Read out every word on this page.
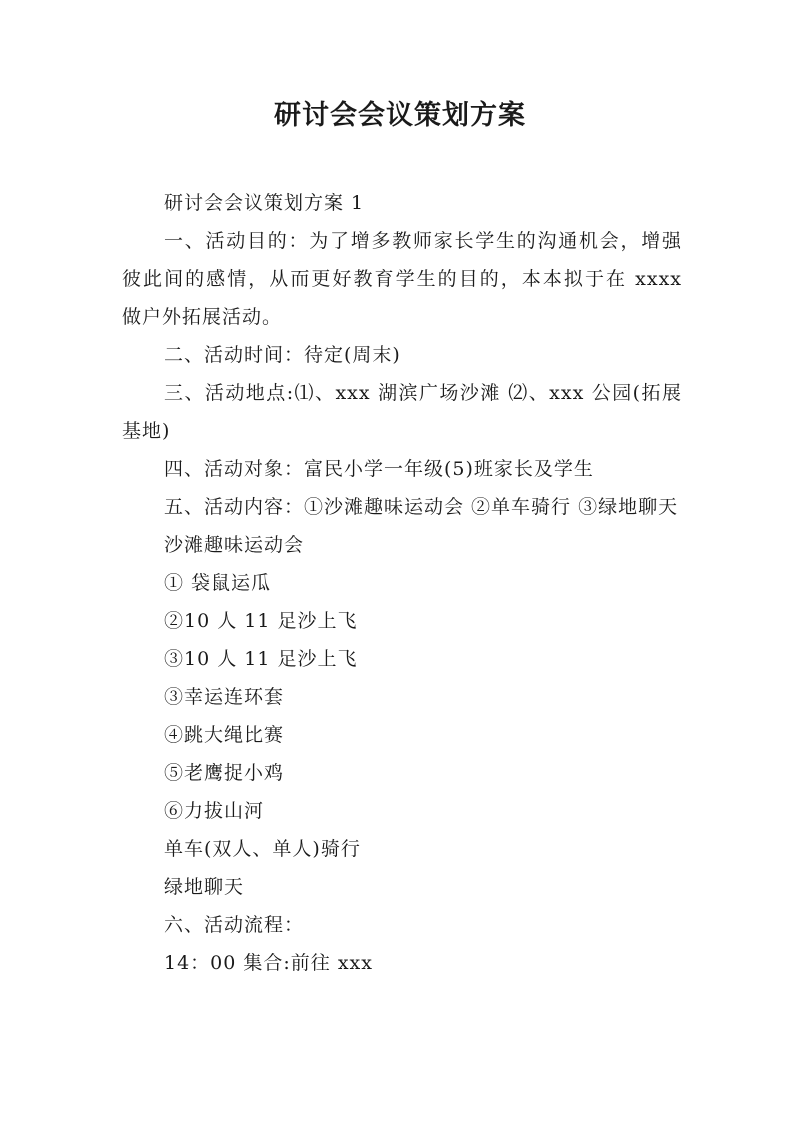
研讨会会议策划方案

研讨会会议策划方案 1

一、活动目的：为了增多教师家长学生的沟通机会，增强彼此间的感情，从而更好教育学生的目的，本本拟于在 xxxx 做户外拓展活动。

二、活动时间：待定(周末)

三、活动地点:⑴、xxx 湖滨广场沙滩 ⑵、xxx 公园(拓展基地)

四、活动对象：富民小学一年级(5)班家长及学生

五、活动内容：①沙滩趣味运动会 ②单车骑行 ③绿地聊天

沙滩趣味运动会

① 袋鼠运瓜

②10 人 11 足沙上飞

③10 人 11 足沙上飞

③幸运连环套

④跳大绳比赛

⑤老鹰捉小鸡

⑥力拔山河

单车(双人、单人)骑行

绿地聊天

六、活动流程：

14：00 集合:前往 xxx
